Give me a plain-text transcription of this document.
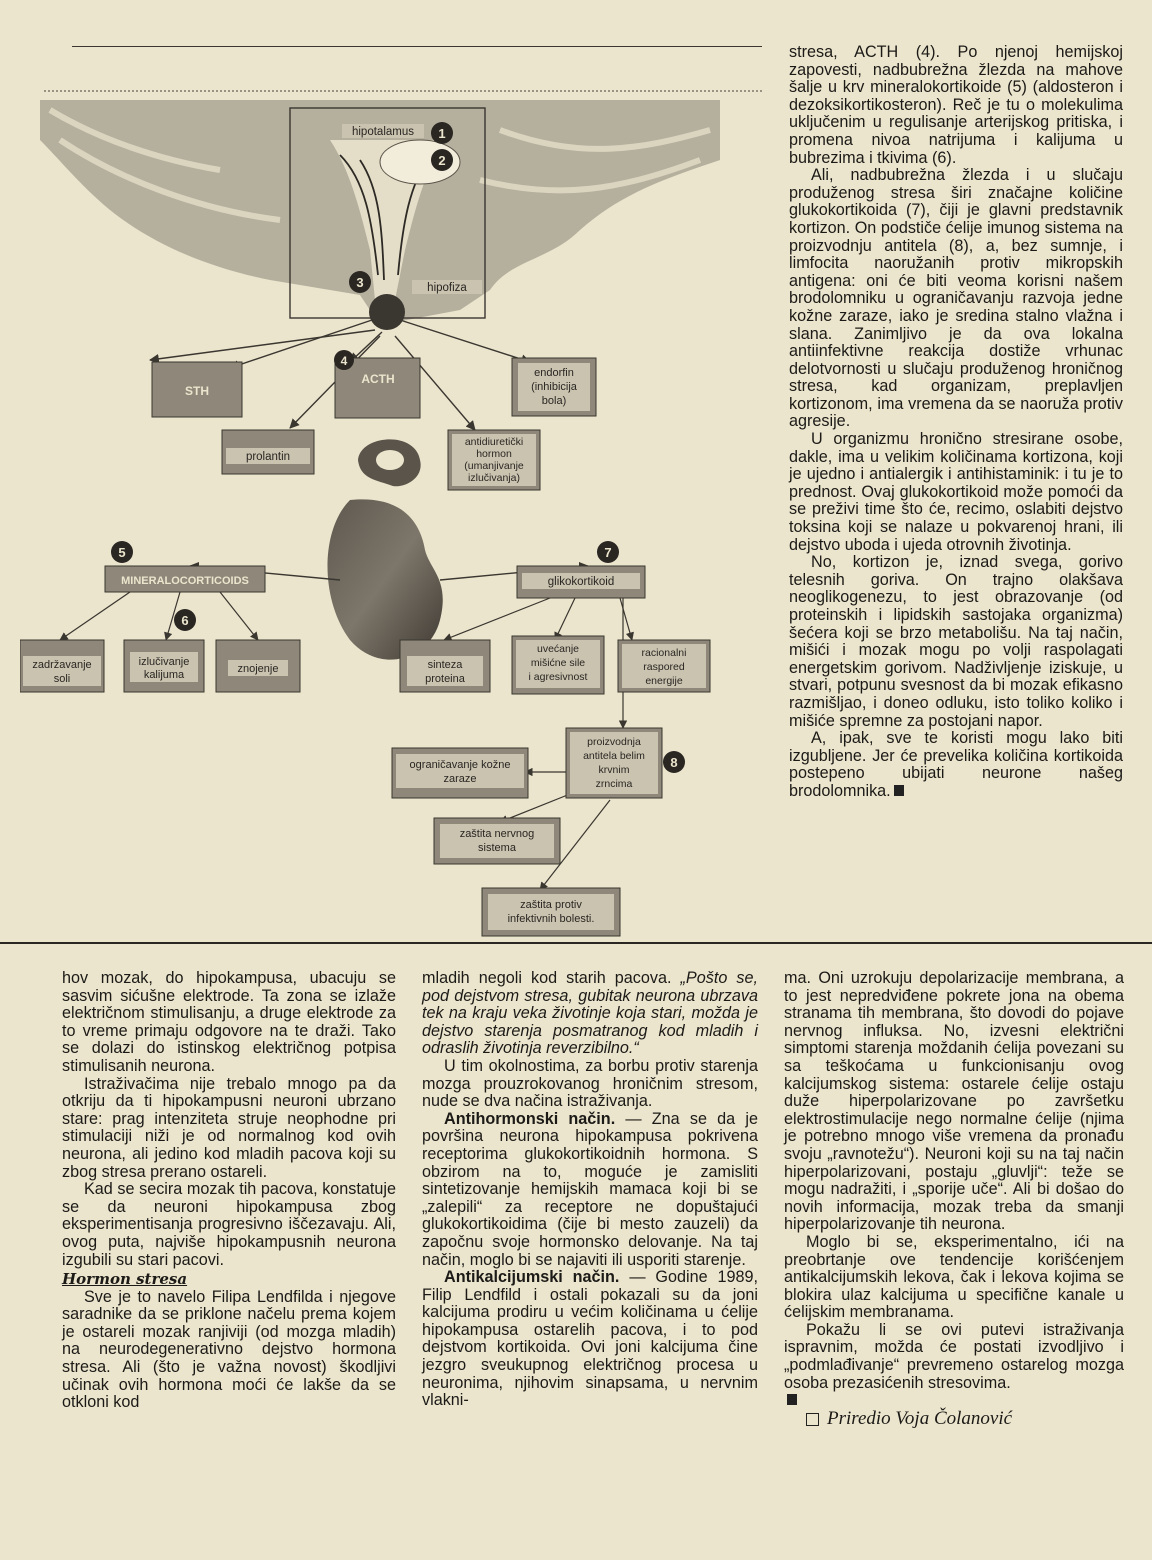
hipotalamus
hipofiza
1
2
3
STH
ACTH
4
endorfin
(inhibicija
bola)
prolantin
antidiuretički
hormon
(umanjivanje
izlučivanja)
5	7
MINERALOCORTICOIDS	glikokortikoid
6
zadržavanje
soli
izlučivanje
kalijuma	znojenje	sinteza
proteina
uvećanje
mišićne sile
i agresivnost
racionalni
raspored
energije
proizvodnja
antitela belim
krvnim
zrncima
8
ograničavanje kožne
zaraze
zaštita nervnog
sistema
zaštita protiv
infektivnih bolesti.

stresa, ACTH (4). Po njenoj hemijskoj zapovesti, nadbubrežna žlezda na mahove šalje u krv mineralokortikoide (5) (aldosteron i dezoksikortikosteron). Reč je tu o molekulima uključenim u regulisanje arterijskog pritiska, i promena nivoa natrijuma i kalijuma u bubrezima i tkivima (6).

Ali, nadbubrežna žlezda i u slučaju produženog stresa širi značajne količine glukokortikoida (7), čiji je glavni predstavnik kortizon. On podstiče ćelije imunog sistema na proizvodnju antitela (8), a, bez sumnje, i limfocita naoružanih protiv mikropskih antigena: oni će biti veoma korisni našem brodolomniku u ograničavanju razvoja jedne kožne zaraze, iako je sredina stalno vlažna i slana. Zanimljivo je da ova lokalna antiinfektivne reakcija dostiže vrhunac delotvornosti u slučaju produženog hroničnog stresa, kad organizam, preplavljen kortizonom, ima vremena da se naoruža protiv agresije.

U organizmu hronično stresirane osobe, dakle, ima u velikim količinama kortizona, koji je ujedno i antialergik i antihistaminik: i tu je to prednost. Ovaj glukokortikoid može pomoći da se preživi time što će, recimo, oslabiti dejstvo toksina koji se nalaze u pokvarenoj hrani, ili dejstvo uboda i ujeda otrovnih životinja.

No, kortizon je, iznad svega, gorivo telesnih goriva. On trajno olakšava neoglikogenezu, to jest obrazovanje (od proteinskih i lipidskih sastojaka organizma) šećera koji se brzo metabolišu. Na taj način, mišići i mozak mogu po volji raspolagati energetskim gorivom. Nadživljenje iziskuje, u stvari, potpunu svesnost da bi mozak efikasno razmišljao, i doneo odluku, isto toliko koliko i mišiće spremne za postojani napor.

A, ipak, sve te koristi mogu lako biti izgubljene. Jer će prevelika količina kortikoida postepeno ubijati neurone našeg brodolomnika.

hov mozak, do hipokampusa, ubacuju se sasvim sićušne elektrode. Ta zona se izlaže električnom stimulisanju, a druge elektrode za to vreme primaju odgovore na te draži. Tako se dolazi do istinskog električnog potpisa stimulisanih neurona.

Istraživačima nije trebalo mnogo pa da otkriju da ti hipokampusni neuroni ubrzano stare: prag intenziteta struje neophodne pri stimulaciji niži je od normalnog kod ovih neurona, ali jedino kod mladih pacova koji su zbog stresa prerano ostareli.

Kad se secira mozak tih pacova, konstatuje se da neuroni hipokampusa zbog eksperimentisanja progresivno iščezavaju. Ali, ovog puta, najviše hipokampusnih neurona izgubili su stari pacovi.

Hormon stresa

Sve je to navelo Filipa Lendfilda i njegove saradnike da se priklone načelu prema kojem je ostareli mozak ranjiviji (od mozga mladih) na neurodegenerativno dejstvo hormona stresa. Ali (što je važna novost) škodljivi učinak ovih hormona moći će lakše da se otkloni kod

mladih negoli kod starih pacova. „Pošto se, pod dejstvom stresa, gubitak neurona ubrzava tek na kraju veka životinje koja stari, možda je dejstvo starenja posmatranog kod mladih i odraslih životinja reverzibilno.“

U tim okolnostima, za borbu protiv starenja mozga prouzrokovanog hroničnim stresom, nude se dva načina istraživanja.

Antihormonski način. — Zna se da je površina neurona hipokampusa pokrivena receptorima glukokortikoidnih hormona. S obzirom na to, moguće je zamisliti sintetizovanje hemijskih mamaca koji bi se „zalepili“ za receptore ne dopuštajući glukokortikoidima (čije bi mesto zauzeli) da započnu svoje hormonsko delovanje. Na taj način, moglo bi se najaviti ili usporiti starenje.

Antikalcijumski način. — Godine 1989, Filip Lendfild i ostali pokazali su da joni kalcijuma prodiru u većim količinama u ćelije hipokampusa ostarelih pacova, i to pod dejstvom kortikoida. Ovi joni kalcijuma čine jezgro sveukupnog električnog procesa u neuronima, njihovim sinapsama, u nervnim vlakni-

ma. Oni uzrokuju depolarizacije membrana, a to jest nepredviđene pokrete jona na obema stranama tih membrana, što dovodi do pojave nervnog influksa. No, izvesni električni simptomi starenja moždanih ćelija povezani su sa teškoćama u funkcionisanju ovog kalcijumskog sistema: ostarele ćelije ostaju duže hiperpolarizovane po završetku elektrostimulacije nego normalne ćelije (njima je potrebno mnogo više vremena da pronađu svoju „ravnotežu“). Neuroni koji su na taj način hiperpolarizovani, postaju „gluvlji“: teže se mogu nadražiti, i „sporije uče“. Ali bi došao do novih informacija, mozak treba da smanji hiperpolarizovanje tih neurona.

Moglo bi se, eksperimentalno, ići na preobrtanje ove tendencije korišćenjem antikalcijumskih lekova, čak i lekova kojima se blokira ulaz kalcijuma u specifične kanale u ćelijskim membranama.

Pokažu li se ovi putevi istraživanja ispravnim, možda će postati izvodljivo i „podmlađivanje“ prevremeno ostarelog mozga osoba prezasićenih stresovima.

Priredio Voja Čolanović
